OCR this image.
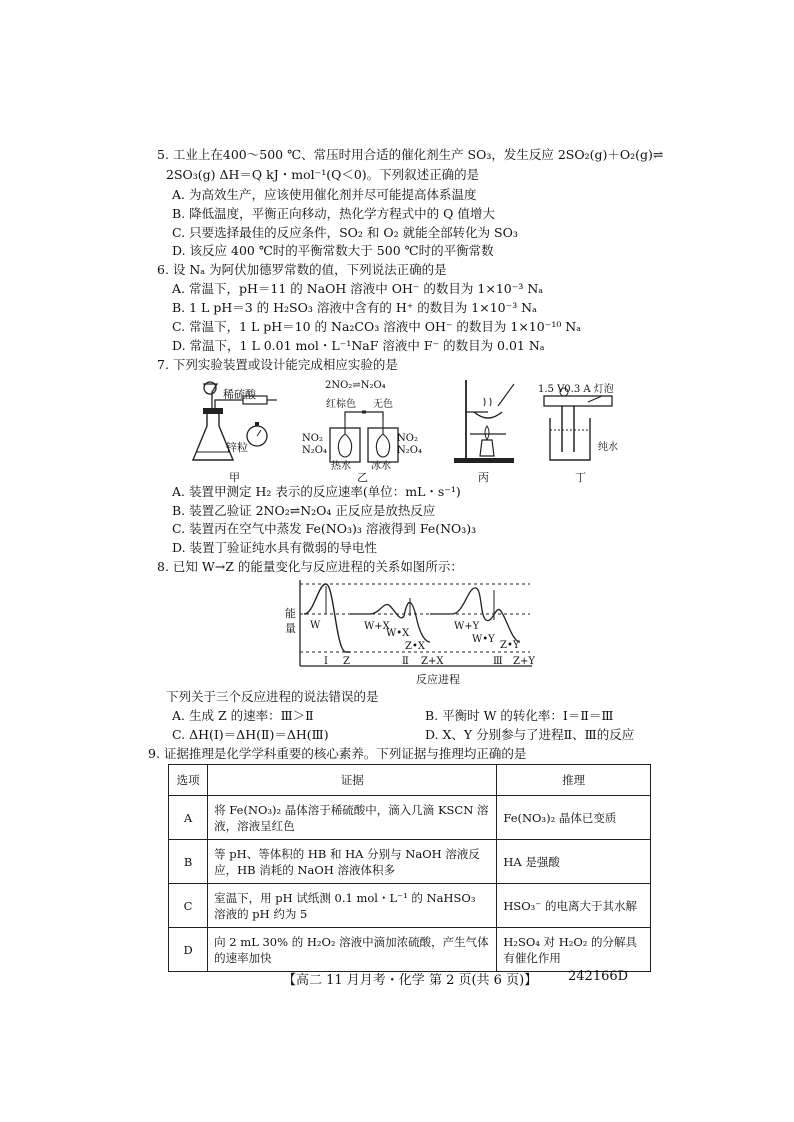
5. 工业上在400～500 ℃、常压时用合适的催化剂生产 SO₃，发生反应 2SO₂(g)＋O₂(g)⇌
2SO₃(g) ΔH＝Q kJ・mol⁻¹(Q＜0)。下列叙述正确的是
A. 为高效生产，应该使用催化剂并尽可能提高体系温度
B. 降低温度，平衡正向移动，热化学方程式中的 Q 值增大
C. 只要选择最佳的反应条件，SO₂ 和 O₂ 就能全部转化为 SO₃
D. 该反应 400 ℃时的平衡常数大于 500 ℃时的平衡常数
6. 设 Nₐ 为阿伏加德罗常数的值，下列说法正确的是
A. 常温下，pH＝11 的 NaOH 溶液中 OH⁻ 的数目为 1×10⁻³ Nₐ
B. 1 L pH＝3 的 H₂SO₃ 溶液中含有的 H⁺ 的数目为 1×10⁻³ Nₐ
C. 常温下，1 L pH＝10 的 Na₂CO₃ 溶液中 OH⁻ 的数目为 1×10⁻¹⁰ Nₐ
D. 常温下，1 L 0.01 mol・L⁻¹NaF 溶液中 F⁻ 的数目为 0.01 Nₐ
7. 下列实验装置或设计能完成相应实验的是
稀硫酸
锌粒
甲
2NO₂⇌N₂O₄
红棕色 无色
NO₂
N₂O₄
NO₂
N₂O₄
热水 冰水
乙	丙
1.5 V0.3 A 灯泡
纯水
丁
A. 装置甲测定 H₂ 表示的反应速率(单位：mL・s⁻¹)
B. 装置乙验证 2NO₂⇌N₂O₄ 正反应是放热反应
C. 装置丙在空气中蒸发 Fe(NO₃)₃ 溶液得到 Fe(NO₃)₃
D. 装置丁验证纯水具有微弱的导电性
8. 已知 W→Z 的能量变化与反应进程的关系如图所示：
能
量 W	W+X
W•X
Z•X
W+Y
W•Y
Z•Y
Ⅰ Z	Ⅱ Z+X	Ⅲ Z+Y
反应进程
下列关于三个反应进程的说法错误的是
A. 生成 Z 的速率：Ⅲ＞Ⅱ	B. 平衡时 W 的转化率：Ⅰ＝Ⅱ＝Ⅲ
C. ΔH(Ⅰ)＝ΔH(Ⅱ)＝ΔH(Ⅲ)	D. X、Y 分别参与了进程Ⅱ、Ⅲ的反应
9. 证据推理是化学学科重要的核心素养。下列证据与推理均正确的是
选项	证据	推理
A	将 Fe(NO₃)₂ 晶体溶于稀硫酸中，滴入几滴 KSCN 溶液，溶液呈红色	Fe(NO₃)₂ 晶体已变质
B	等 pH、等体积的 HB 和 HA 分别与 NaOH 溶液反应，HB 消耗的 NaOH 溶液体积多	HA 是强酸
C	室温下，用 pH 试纸测 0.1 mol・L⁻¹ 的 NaHSO₃ 溶液的 pH 约为 5	HSO₃⁻ 的电离大于其水解
D	向 2 mL 30% 的 H₂O₂ 溶液中滴加浓硫酸，产生气体的速率加快	H₂SO₄ 对 H₂O₂ 的分解具有催化作用
【高二 11 月月考・化学 第 2 页(共 6 页)】 242166D
